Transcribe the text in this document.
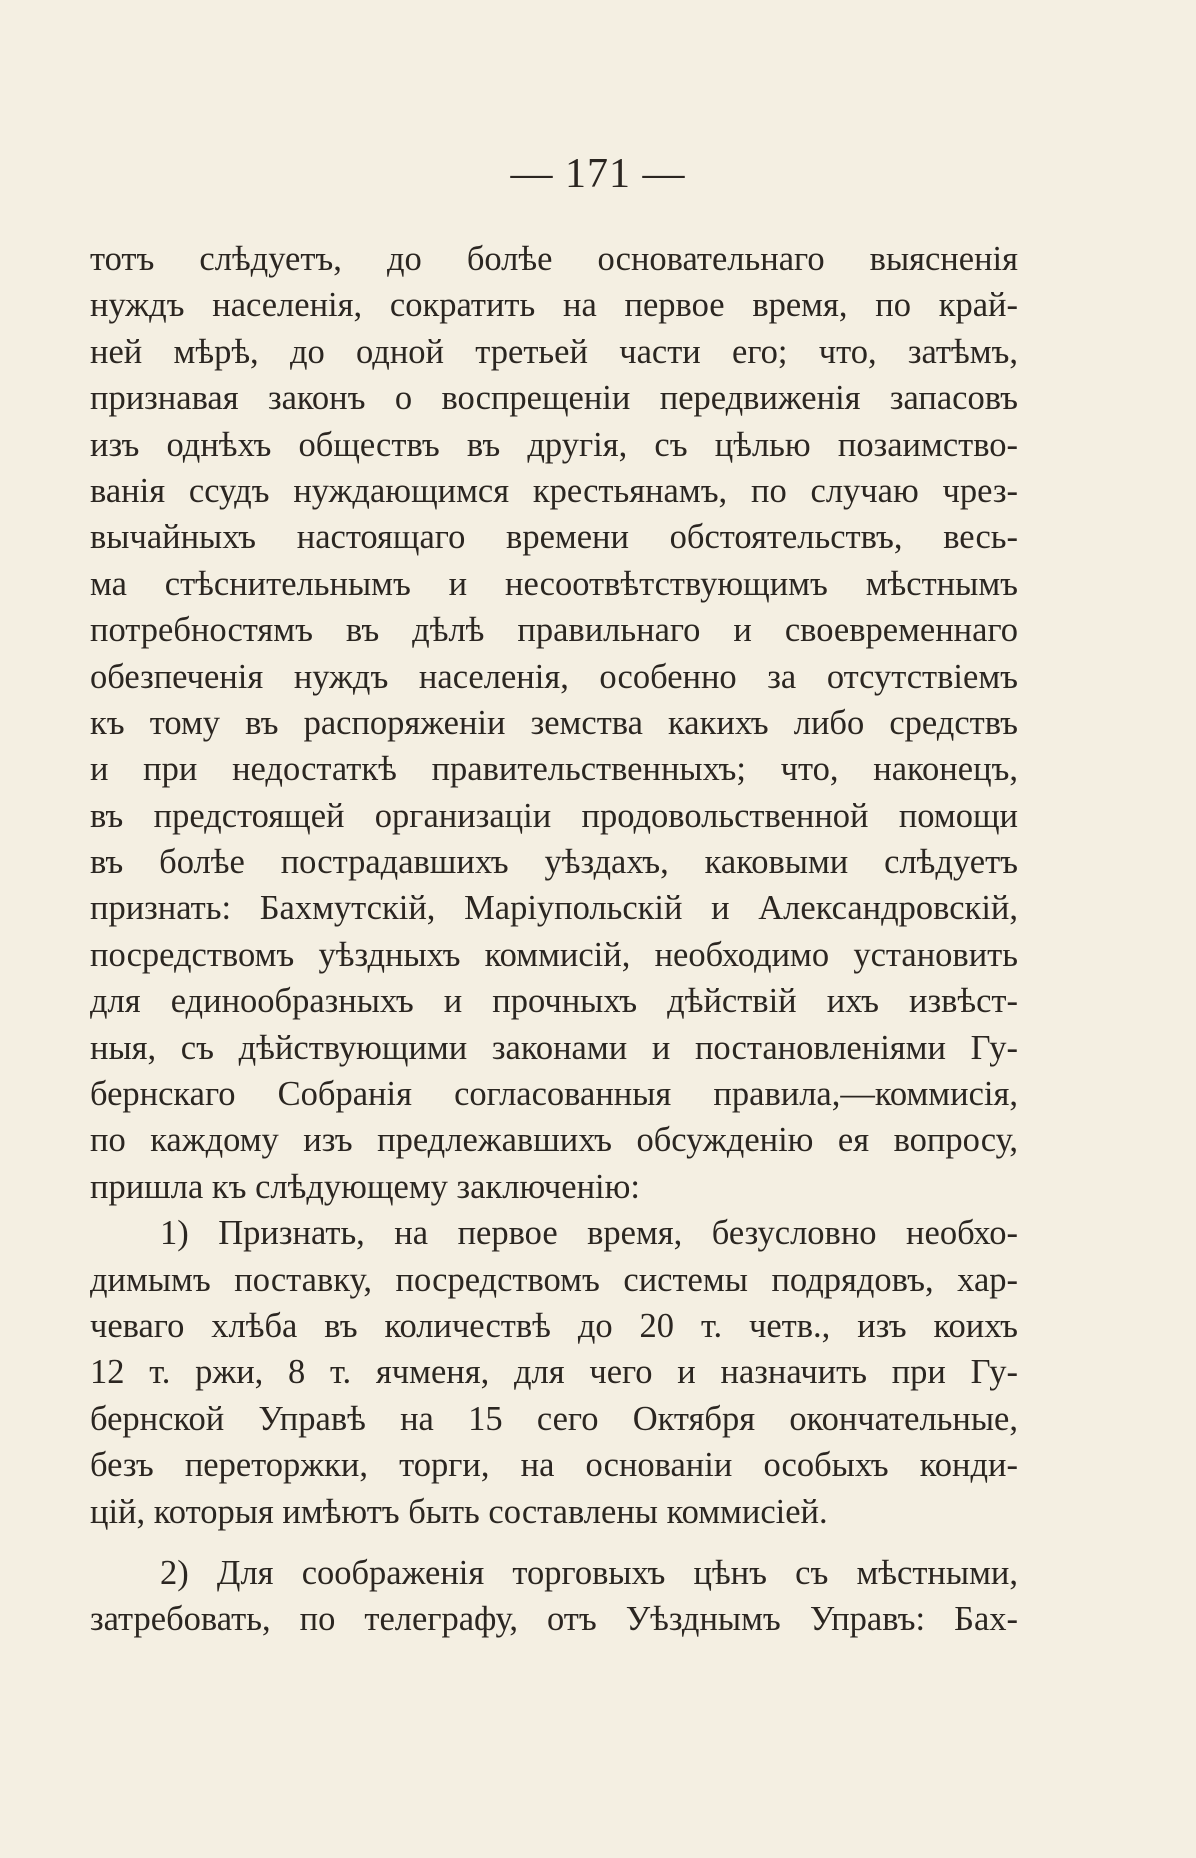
— 171 —
тотъ слѣдуетъ, до болѣе основательнаго выясненія
нуждъ населенія, сократить на первое время, по край-
ней мѣрѣ, до одной третьей части его; что, затѣмъ,
признавая законъ о воспрещеніи передвиженія запасовъ
изъ однѣхъ обществъ въ другія, съ цѣлью позаимство-
ванія ссудъ нуждающимся крестьянамъ, по случаю чрез-
вычайныхъ настоящаго времени обстоятельствъ, весь-
ма стѣснительнымъ и несоотвѣтствующимъ мѣстнымъ
потребностямъ въ дѣлѣ правильнаго и своевременнаго
обезпеченія нуждъ населенія, особенно за отсутствіемъ
къ тому въ распоряженіи земства какихъ либо средствъ
и при недостаткѣ правительственныхъ; что, наконецъ,
въ предстоящей организаціи продовольственной помощи
въ болѣе пострадавшихъ уѣздахъ, каковыми слѣдуетъ
признать: Бахмутскій, Маріупольскій и Александровскій,
посредствомъ уѣздныхъ коммисій, необходимо установить
для единообразныхъ и прочныхъ дѣйствій ихъ извѣст-
ныя, съ дѣйствующими законами и постановленіями Гу-
бернскаго Собранія согласованныя правила,—коммисія,
по каждому изъ предлежавшихъ обсужденію ея вопросу,
пришла къ слѣдующему заключенію:
1) Признать, на первое время, безусловно необхо-
димымъ поставку, посредствомъ системы подрядовъ, хар-
чеваго хлѣба въ количествѣ до 20 т. четв., изъ коихъ
12 т. ржи, 8 т. ячменя, для чего и назначить при Гу-
бернской Управѣ на 15 сего Октября окончательные,
безъ переторжки, торги, на основаніи особыхъ конди-
цій, которыя имѣютъ быть составлены коммисіей.
2) Для соображенія торговыхъ цѣнъ съ мѣстными,
затребовать, по телеграфу, отъ Уѣзднымъ Управъ: Бах-
